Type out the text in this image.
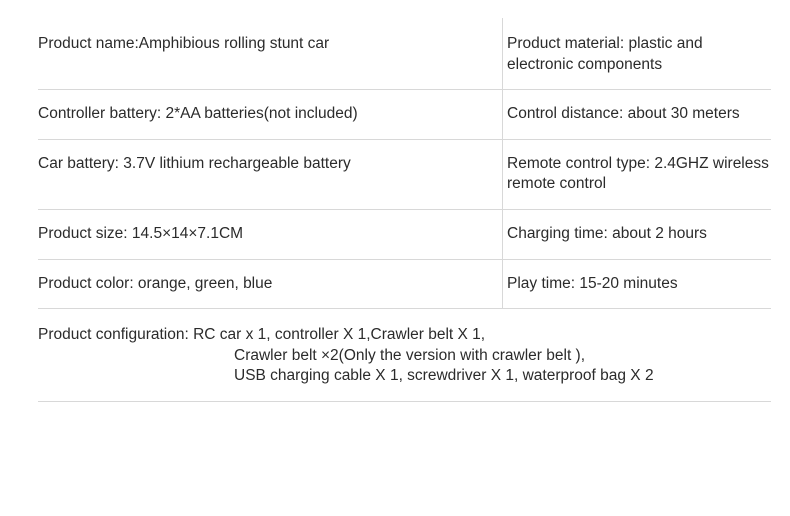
Product name:Amphibious rolling stunt car	Product material: plastic and electronic components
Controller battery: 2*AA batteries(not included)	Control distance: about 30 meters
Car battery: 3.7V lithium rechargeable battery	Remote control type: 2.4GHZ wireless remote control
Product size: 14.5×14×7.1CM	Charging time: about 2 hours
Product color: orange, green, blue	Play time: 15-20 minutes

Product configuration: RC car x 1, controller X 1,Crawler belt X 1,
Crawler belt ×2(Only the version with crawler belt ),
USB charging cable X 1, screwdriver X 1, waterproof bag X 2	
